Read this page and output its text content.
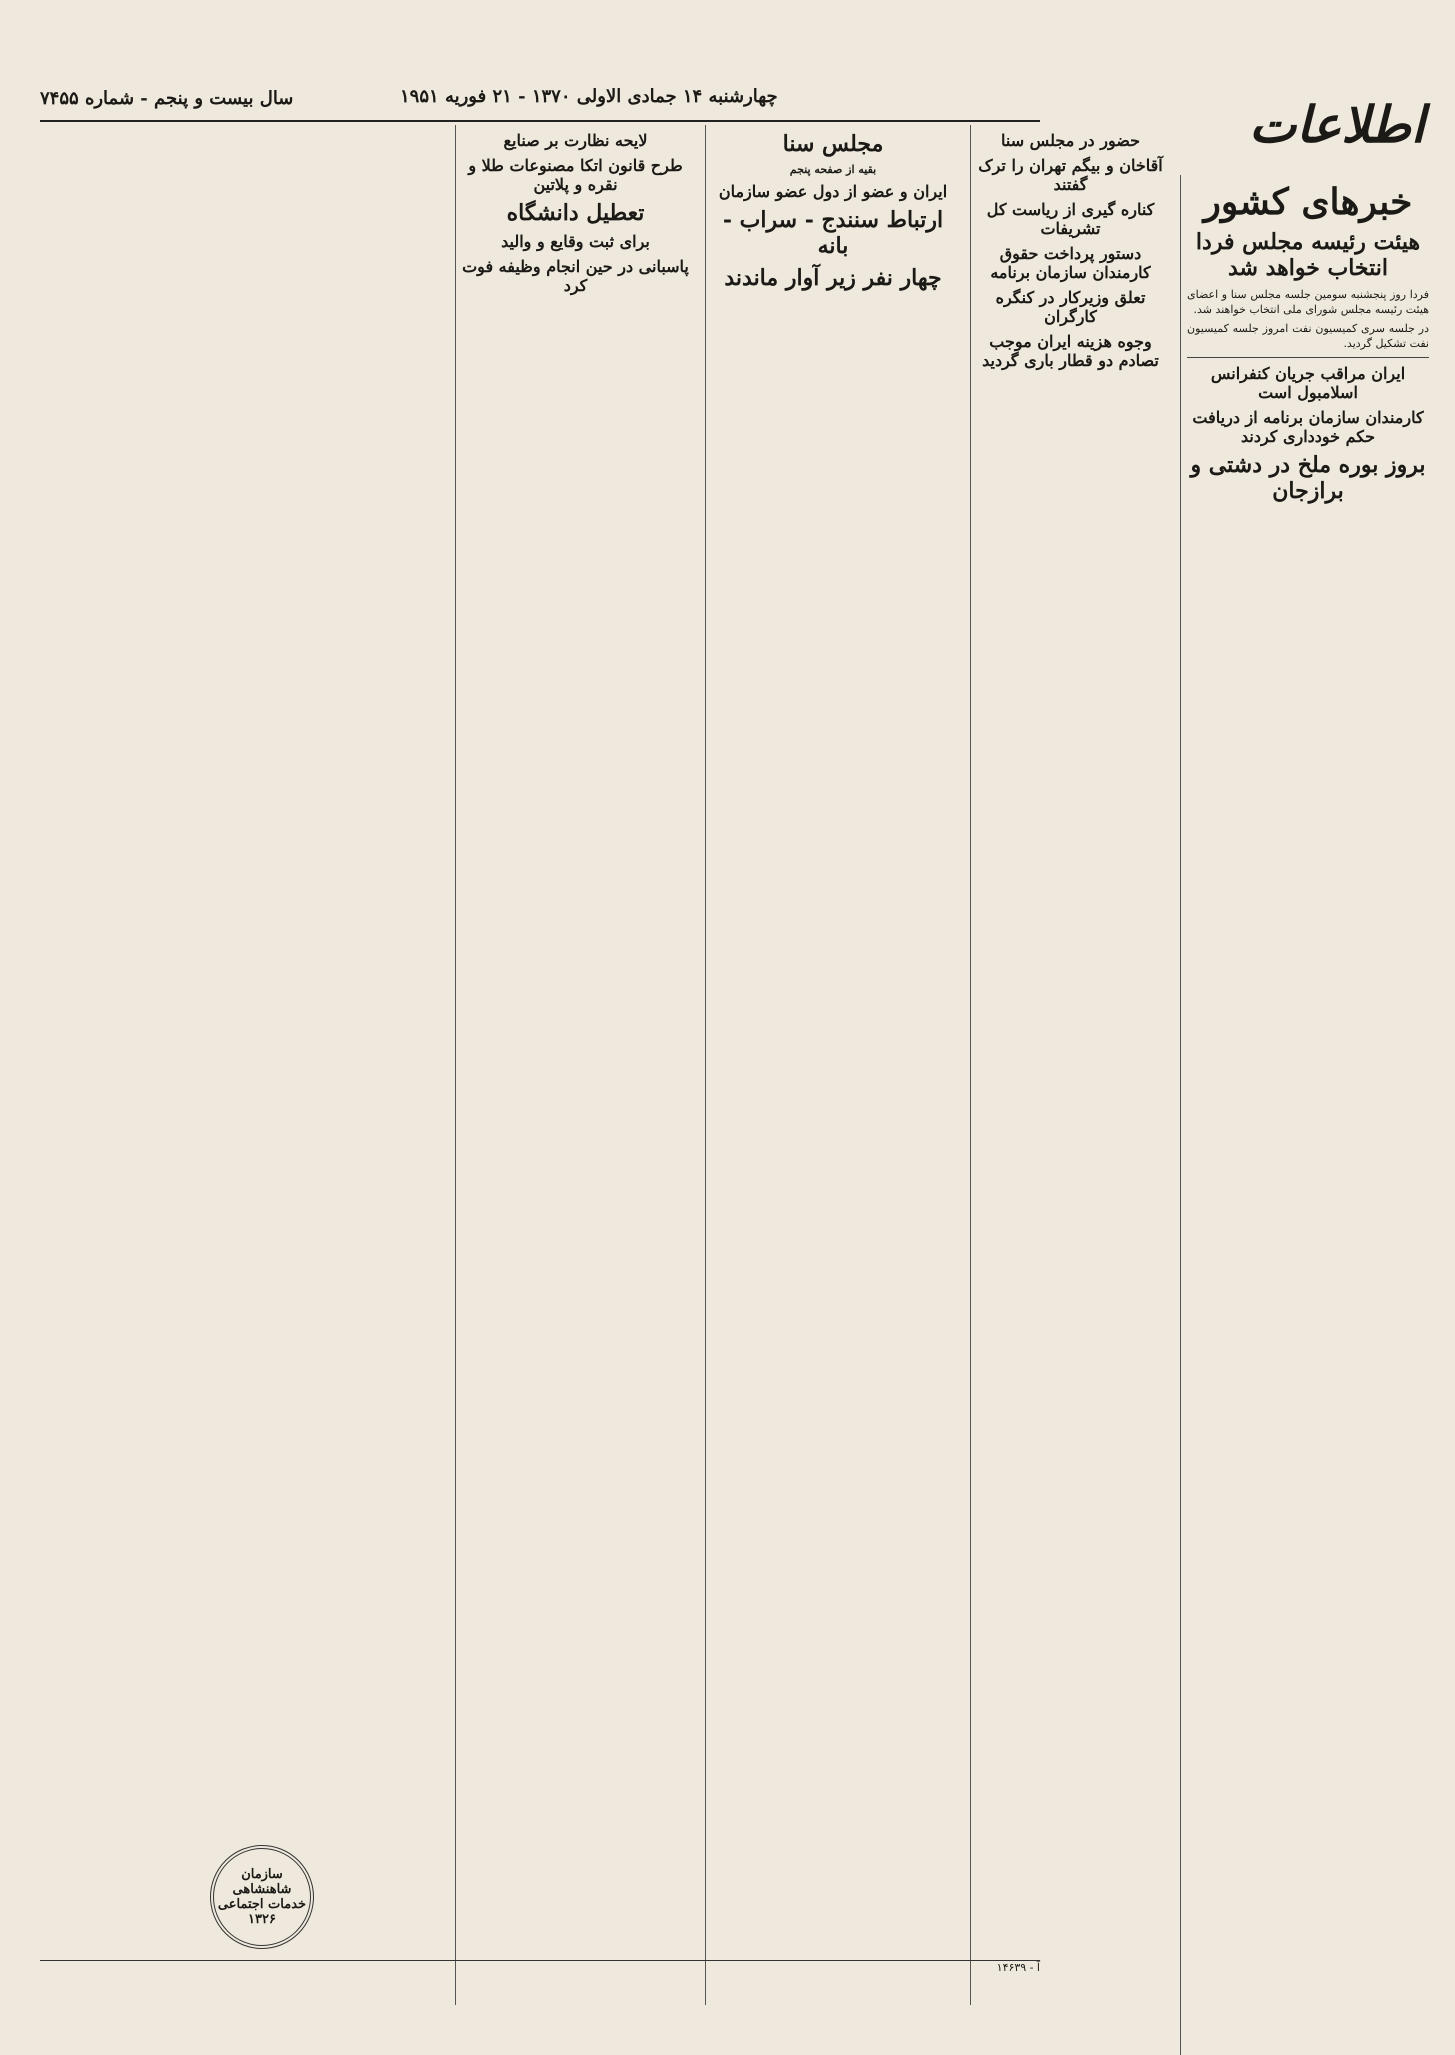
سال بیست و پنجم - شماره ۷۴۵۵	چهارشنبه ۱۴ جمادی الاولی ۱۳۷۰ - ۲۱ فوریه ۱۹۵۱	اطلاعات
خبرهای کشور
هیئت رئیسه مجلس فردا انتخاب خواهد شد

فردا روز پنجشنبه سومین جلسه مجلس سنا و اعضای هیئت رئیسه مجلس شورای ملی انتخاب خواهند شد.

در جلسه سری کمیسیون نفت امروز جلسه کمیسیون نفت تشکیل گردید.

ایران مراقب جریان کنفرانس اسلامبول است
کارمندان سازمان برنامه از دریافت حکم خودداری کردند
بروز بوره ملخ در دشتی و برازجان
حضور در مجلس سنا
آقاخان و بیگم تهران را ترک گفتند
کناره گیری از ریاست کل تشریفات
دستور پرداخت حقوق کارمندان سازمان برنامه
تعلق وزیرکار در کنگره کارگران
وجوه هزینه ایران موجب تصادم دو قطار باری گردید
مجلس سنا
بقیه از صفحه پنجم
ایران و عضو از دول عضو سازمان
ارتباط سنندج - سراب - بانه
چهار نفر زیر آوار ماندند
لایحه نظارت بر صنایع
طرح قانون اتکا مصنوعات طلا و نقره و پلاتین
تعطیل دانشگاه
برای ثبت وقایع و والید
پاسبانی در حین انجام وظیفه فوت کرد
سازمان شاهنشاهی خدمات اجتماعی ۱۳۲۶
آ - ۱۴۶۳۹
